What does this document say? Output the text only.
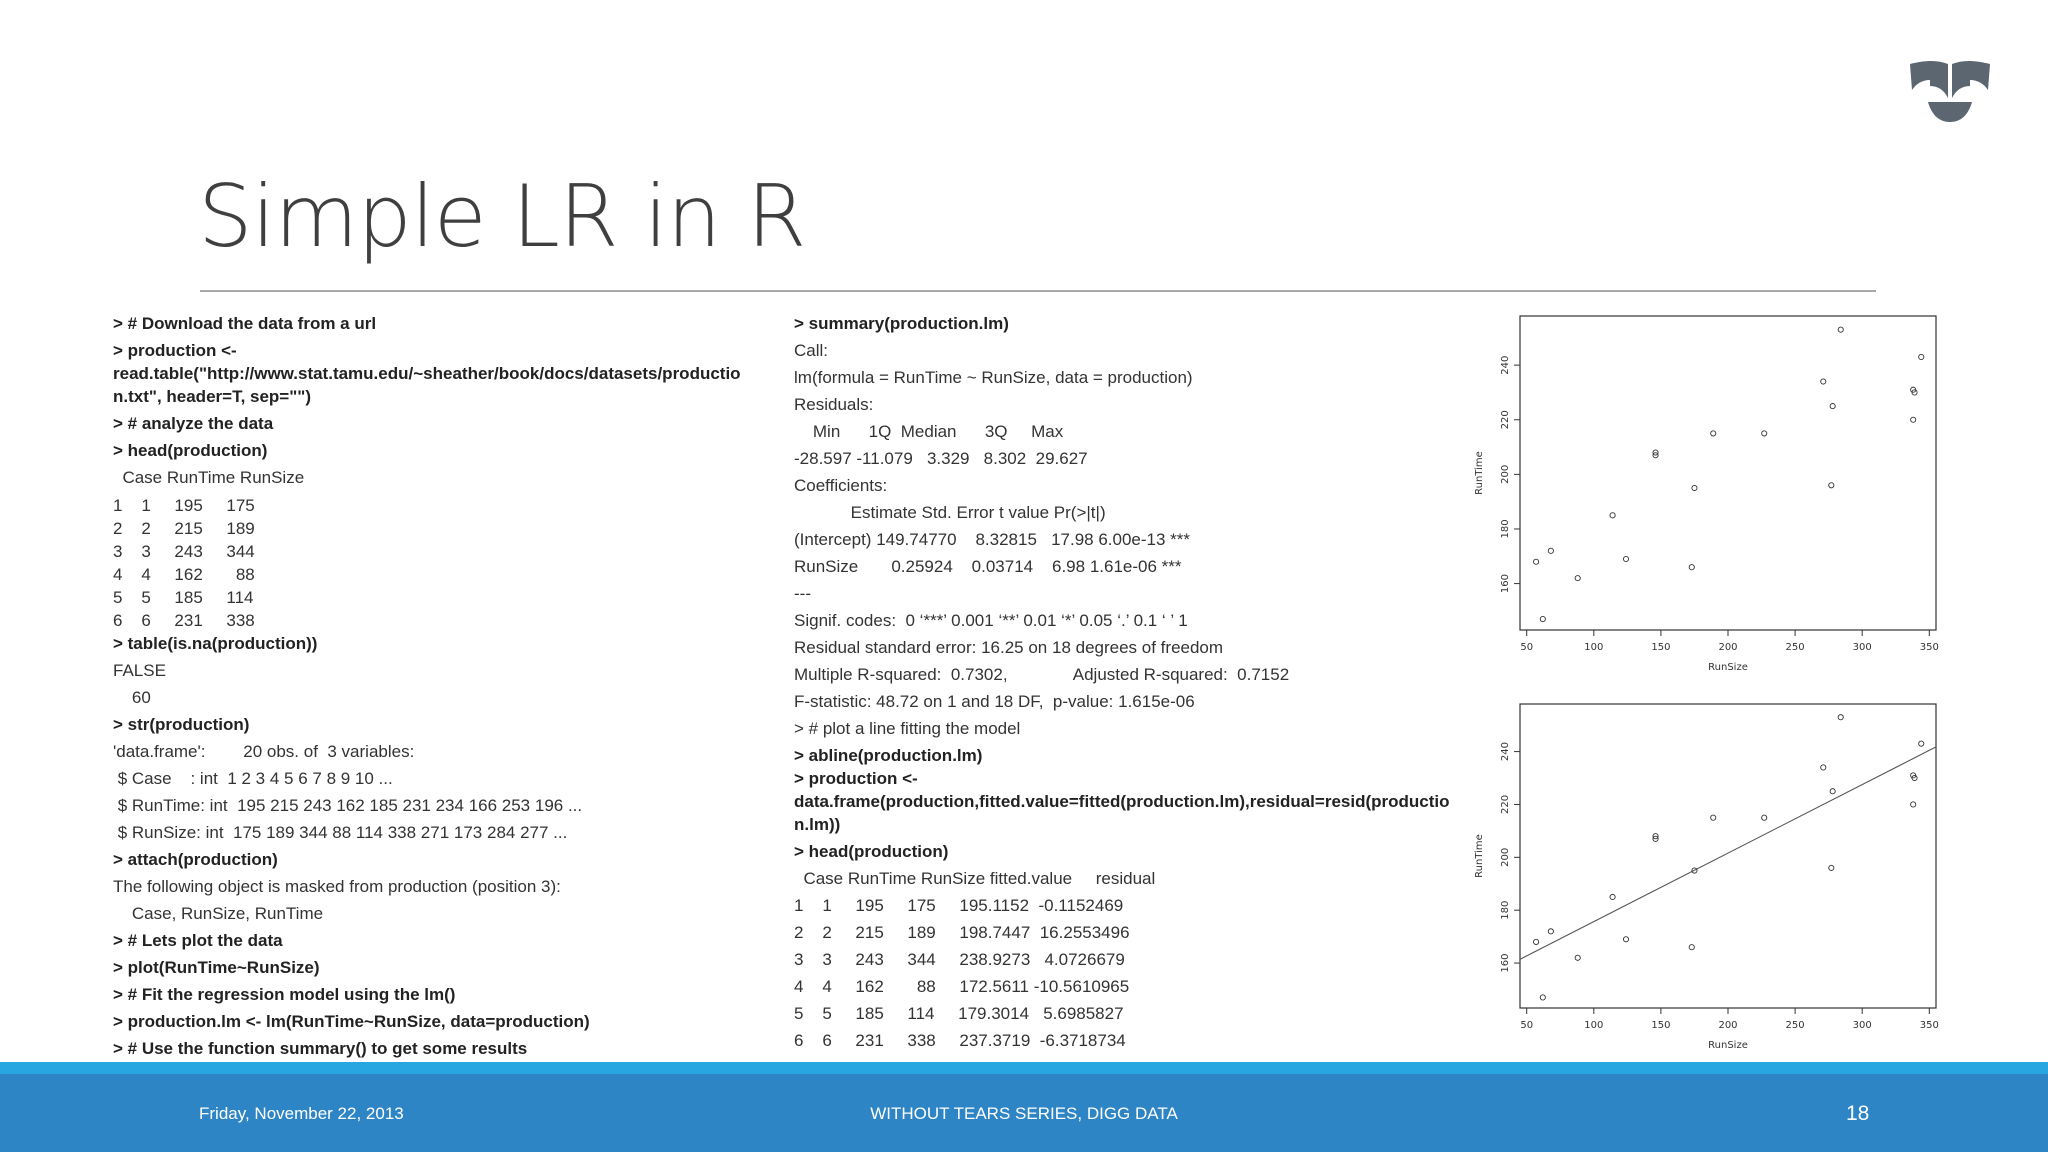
Simple LR in R
> # Download the data from a url
> production <-
read.table("http://www.stat.tamu.edu/~sheather/book/docs/datasets/productio
n.txt", header=T, sep="")
> # analyze the data
> head(production)
Case RunTime RunSize
1    1     195     175
2    2     215     189
3    3     243     344
4    4     162       88
5    5     185     114
6    6     231     338
> table(is.na(production))
FALSE
60
> str(production)
'data.frame':        20 obs. of  3 variables:
$ Case    : int  1 2 3 4 5 6 7 8 9 10 ...
$ RunTime: int  195 215 243 162 185 231 234 166 253 196 ...
$ RunSize: int  175 189 344 88 114 338 271 173 284 277 ...
> attach(production)
The following object is masked from production (position 3):
Case, RunSize, RunTime
> # Lets plot the data
> plot(RunTime~RunSize)
> # Fit the regression model using the lm()
> production.lm <- lm(RunTime~RunSize, data=production)
> # Use the function summary() to get some results
> summary(production.lm)
Call:
lm(formula = RunTime ~ RunSize, data = production)
Residuals:
Min      1Q  Median      3Q     Max
-28.597 -11.079   3.329   8.302  29.627
Coefficients:
Estimate Std. Error t value Pr(>|t|)
(Intercept) 149.74770    8.32815   17.98 6.00e-13 ***
RunSize       0.25924    0.03714    6.98 1.61e-06 ***
---
Signif. codes:  0 ‘***’ 0.001 ‘**’ 0.01 ‘*’ 0.05 ‘.’ 0.1 ‘ ’ 1
Residual standard error: 16.25 on 18 degrees of freedom
Multiple R-squared:  0.7302,              Adjusted R-squared:  0.7152
F-statistic: 48.72 on 1 and 18 DF,  p-value: 1.615e-06
> # plot a line fitting the model
> abline(production.lm)
> production <-
data.frame(production,fitted.value=fitted(production.lm),residual=resid(productio
n.lm))
> head(production)
Case RunTime RunSize fitted.value     residual
1    1     195     175     195.1152  -0.1152469
2    2     215     189     198.7447  16.2553496
3    3     243     344     238.9273   4.0726679
4    4     162       88     172.5611 -10.5610965
5    5     185     114     179.3014   5.6985827
6    6     231     338     237.3719  -6.3718734
50	100	150	200	250	300	350
160
180
200
220
240
RunSize
RunTime
50	100	150	200	250	300	350
160
180
200
220
240
RunSize
RunTime
Friday, November 22, 2013	WITHOUT TEARS SERIES, DIGG DATA	18
